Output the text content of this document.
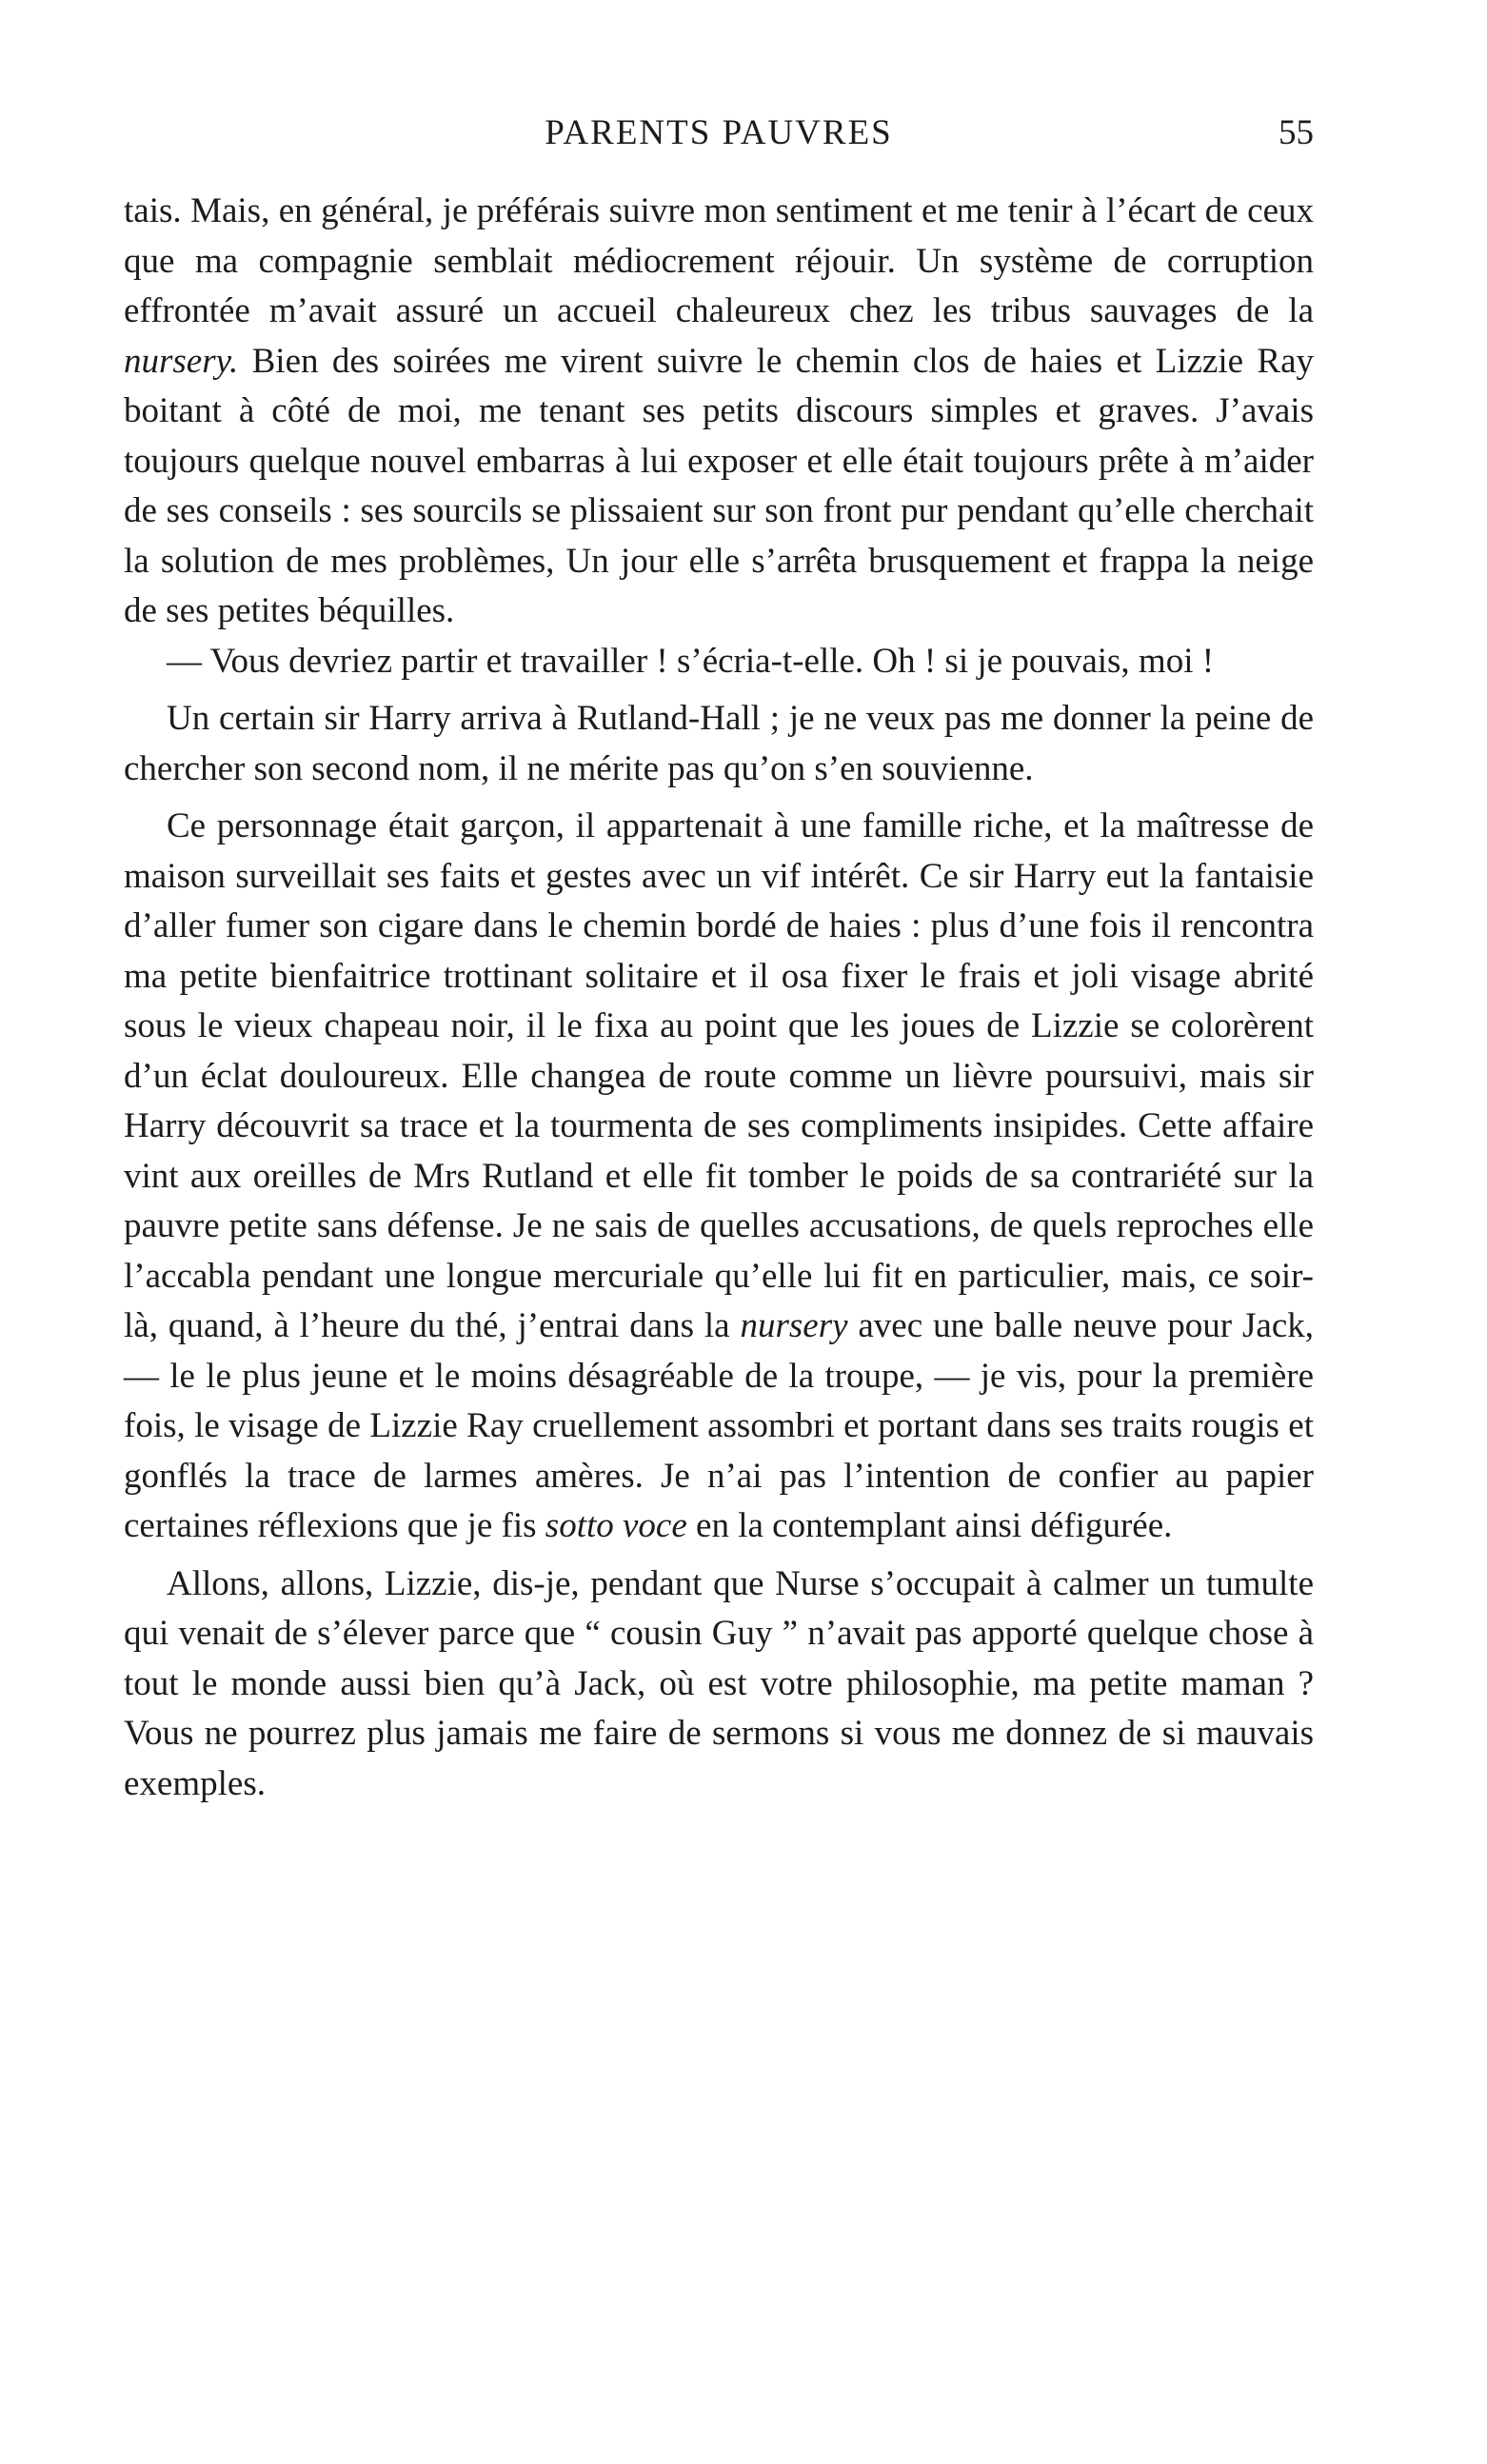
PARENTS PAUVRES	55

tais. Mais, en général, je préférais suivre mon sentiment et me tenir à l’écart de ceux que ma compagnie semblait médiocrement réjouir. Un système de corruption effrontée m’avait assuré un accueil chaleureux chez les tribus sauvages de la nursery. Bien des soirées me virent suivre le chemin clos de haies et Lizzie Ray boitant à côté de moi, me tenant ses petits discours simples et graves. J’avais toujours quelque nouvel embarras à lui exposer et elle était toujours prête à m’aider de ses conseils : ses sourcils se plissaient sur son front pur pendant qu’elle cherchait la solution de mes problèmes, Un jour elle s’arrêta brusquement et frappa la neige de ses petites béquilles.

— Vous devriez partir et travailler ! s’écria-t-elle. Oh ! si je pouvais, moi !

Un certain sir Harry arriva à Rutland-Hall ; je ne veux pas me donner la peine de chercher son second nom, il ne mérite pas qu’on s’en souvienne.

Ce personnage était garçon, il appartenait à une famille riche, et la maîtresse de maison surveillait ses faits et gestes avec un vif intérêt. Ce sir Harry eut la fantaisie d’aller fumer son cigare dans le chemin bordé de haies : plus d’une fois il rencontra ma petite bienfaitrice trottinant solitaire et il osa fixer le frais et joli visage abrité sous le vieux chapeau noir, il le fixa au point que les joues de Lizzie se colorèrent d’un éclat douloureux. Elle changea de route comme un lièvre poursuivi, mais sir Harry découvrit sa trace et la tourmenta de ses compliments insipides. Cette affaire vint aux oreilles de Mrs Rutland et elle fit tomber le poids de sa contrariété sur la pauvre petite sans défense. Je ne sais de quelles accusations, de quels reproches elle l’accabla pendant une longue mercuriale qu’elle lui fit en particulier, mais, ce soir-là, quand, à l’heure du thé, j’entrai dans la nursery avec une balle neuve pour Jack, — le le plus jeune et le moins désagréable de la troupe, — je vis, pour la première fois, le visage de Lizzie Ray cruellement assombri et portant dans ses traits rougis et gonflés la trace de larmes amères. Je n’ai pas l’intention de confier au papier certaines réflexions que je fis sotto voce en la contemplant ainsi défigurée.

Allons, allons, Lizzie, dis-je, pendant que Nurse s’occupait à calmer un tumulte qui venait de s’élever parce que “ cousin Guy ” n’avait pas apporté quelque chose à tout le monde aussi bien qu’à Jack, où est votre philosophie, ma petite maman ? Vous ne pourrez plus jamais me faire de sermons si vous me donnez de si mauvais exemples.
